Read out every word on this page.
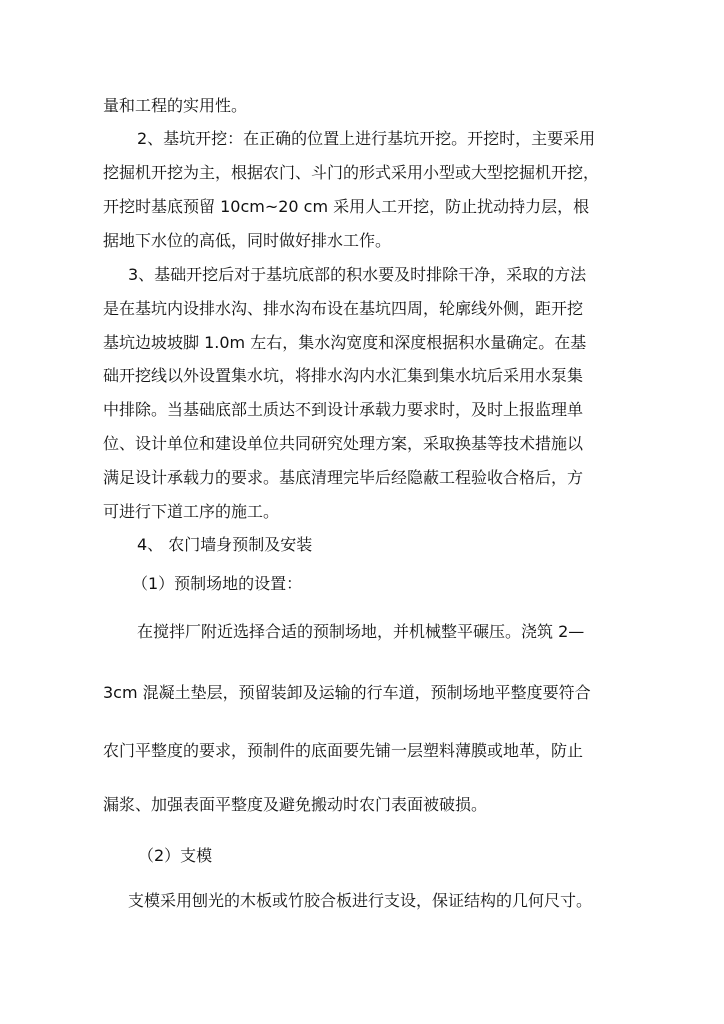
量和工程的实用性。
2、基坑开挖：在正确的位置上进行基坑开挖。开挖时，主要采用
挖掘机开挖为主，根据农门、斗门的形式采用小型或大型挖掘机开挖，
开挖时基底预留 10cm~20 cm 采用人工开挖，防止扰动持力层，根
据地下水位的高低，同时做好排水工作。
3、基础开挖后对于基坑底部的积水要及时排除干净，采取的方法
是在基坑内设排水沟、排水沟布设在基坑四周，轮廓线外侧，距开挖
基坑边坡坡脚 1.0m 左右，集水沟宽度和深度根据积水量确定。在基
础开挖线以外设置集水坑，将排水沟内水汇集到集水坑后采用水泵集
中排除。当基础底部土质达不到设计承载力要求时，及时上报监理单
位、设计单位和建设单位共同研究处理方案，采取换基等技术措施以
满足设计承载力的要求。基底清理完毕后经隐蔽工程验收合格后，方
可进行下道工序的施工。
4、 农门墙身预制及安装
（1）预制场地的设置：
在搅拌厂附近选择合适的预制场地，并机械整平碾压。浇筑 2—
3cm 混凝土垫层，预留装卸及运输的行车道，预制场地平整度要符合
农门平整度的要求，预制件的底面要先铺一层塑料薄膜或地革，防止
漏浆、加强表面平整度及避免搬动时农门表面被破损。
（2）支模
支模采用刨光的木板或竹胶合板进行支设，保证结构的几何尺寸。
